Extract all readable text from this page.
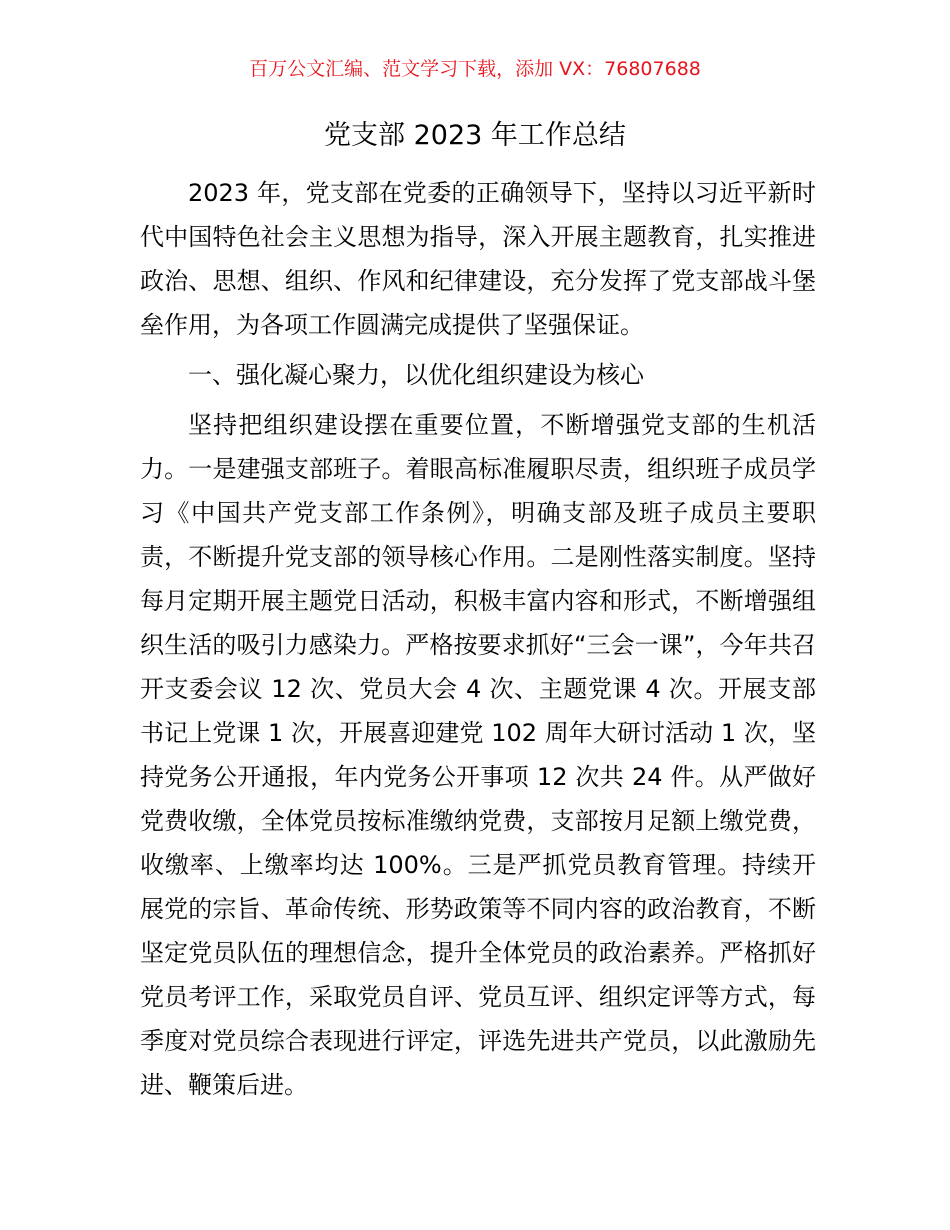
百万公文汇编、范文学习下载，添加 VX：76807688
党支部 2023 年工作总结

2023 年，党支部在党委的正确领导下，坚持以习近平新时代中国特色社会主义思想为指导，深入开展主题教育，扎实推进政治、思想、组织、作风和纪律建设，充分发挥了党支部战斗堡垒作用，为各项工作圆满完成提供了坚强保证。

一、强化凝心聚力，以优化组织建设为核心

坚持把组织建设摆在重要位置，不断增强党支部的生机活力。一是建强支部班子。着眼高标准履职尽责，组织班子成员学习《中国共产党支部工作条例》，明确支部及班子成员主要职责，不断提升党支部的领导核心作用。二是刚性落实制度。坚持每月定期开展主题党日活动，积极丰富内容和形式，不断增强组织生活的吸引力感染力。严格按要求抓好“三会一课”，今年共召开支委会议 12 次、党员大会 4 次、主题党课 4 次。开展支部书记上党课 1 次，开展喜迎建党 102 周年大研讨活动 1 次，坚持党务公开通报，年内党务公开事项 12 次共 24 件。从严做好党费收缴，全体党员按标准缴纳党费，支部按月足额上缴党费，收缴率、上缴率均达 100%。三是严抓党员教育管理。持续开展党的宗旨、革命传统、形势政策等不同内容的政治教育，不断坚定党员队伍的理想信念，提升全体党员的政治素养。严格抓好党员考评工作，采取党员自评、党员互评、组织定评等方式，每季度对党员综合表现进行评定，评选先进共产党员，以此激励先进、鞭策后进。
